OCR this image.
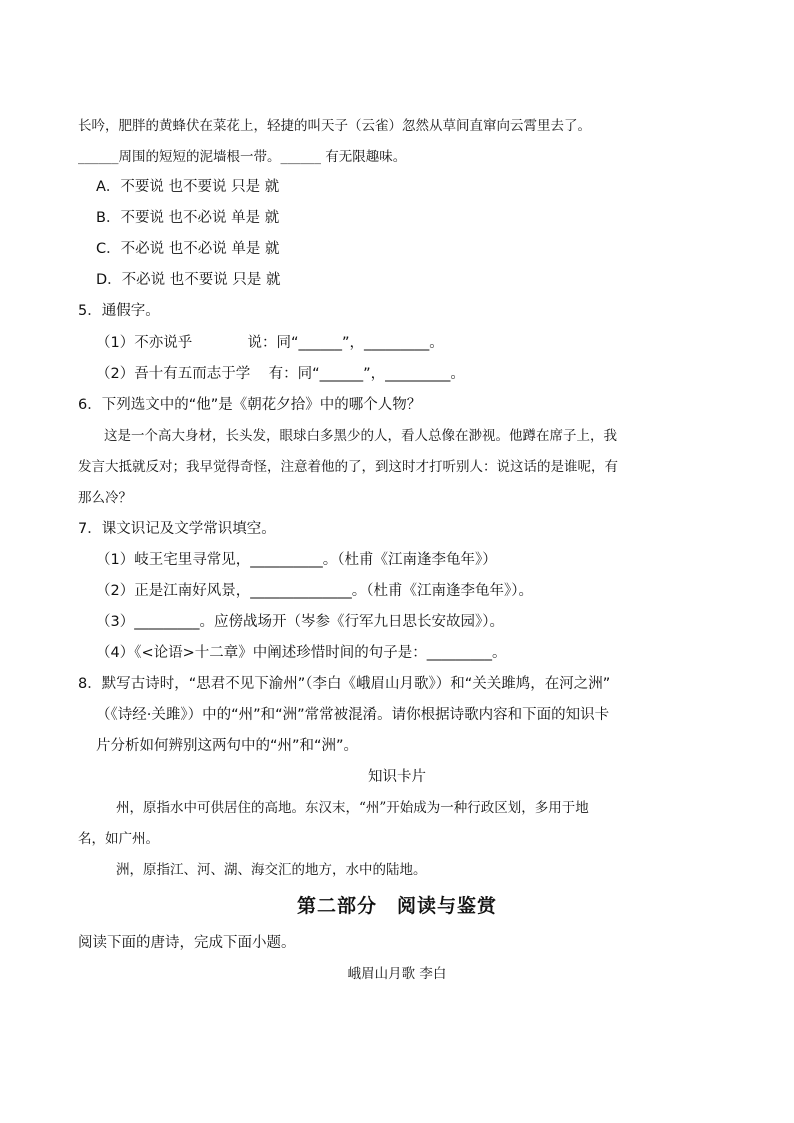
长吟，肥胖的黄蜂伏在菜花上，轻捷的叫天子（云雀）忽然从草间直窜向云霄里去了。
______周围的短短的泥墙根一带。______ 有无限趣味。
A．不要说 也不要说 只是 就
B．不要说 也不必说 单是 就
C．不必说 也不必说 单是 就
D．不必说 也不要说 只是 就
5．通假字。
（1）不亦说乎            说：同“______”，_________。
（2）吾十有五而志于学    有：同“______”，_________。
6．下列选文中的“他”是《朝花夕拾》中的哪个人物？
这是一个高大身材，长头发，眼球白多黑少的人，看人总像在渺视。他蹲在席子上，我
发言大抵就反对；我早觉得奇怪，注意着他的了，到这时才打听别人：说这话的是谁呢，有
那么冷？
7．课文识记及文学常识填空。
（1）岐王宅里寻常见，__________。（杜甫《江南逢李龟年》）
（2）正是江南好风景，______________。（杜甫《江南逢李龟年》）。
（3）_________。应傍战场开（岑参《行军九日思长安故园》）。
（4）《<论语>十二章》中阐述珍惜时间的句子是：_________。
8．默写古诗时，“思君不见下渝州”（李白《峨眉山月歌》）和“关关雎鸠，在河之洲”
（《诗经·关雎》）中的“州”和“洲”常常被混淆。请你根据诗歌内容和下面的知识卡
片分析如何辨别这两句中的“州”和“洲”。
知识卡片
州，原指水中可供居住的高地。东汉末，“州”开始成为一种行政区划，多用于地
名，如广州。
洲，原指江、河、湖、海交汇的地方，水中的陆地。
第二部分　阅读与鉴赏
阅读下面的唐诗，完成下面小题。
峨眉山月歌 李白
